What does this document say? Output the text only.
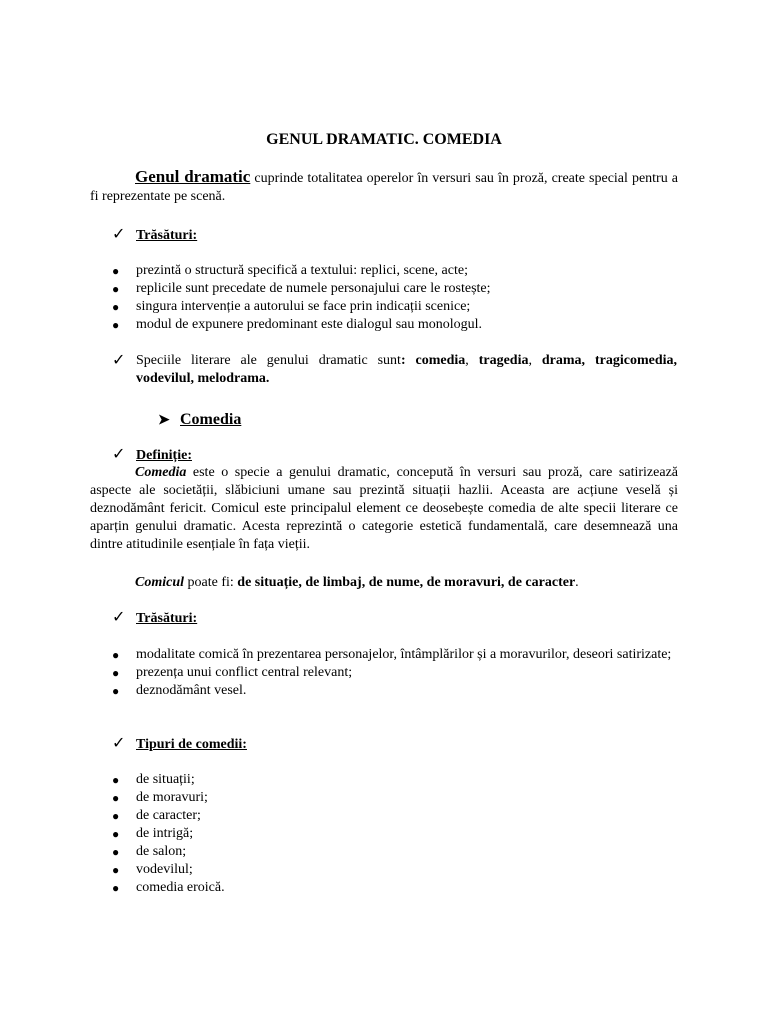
GENUL DRAMATIC. COMEDIA

Genul dramatic cuprinde totalitatea operelor în versuri sau în proză, create special pentru a fi reprezentate pe scenă.

✓ Trăsături:

● prezintă o structură specifică a textului: replici, scene, acte;
● replicile sunt precedate de numele personajului care le rostește;
● singura intervenție a autorului se face prin indicații scenice;
● modul de expunere predominant este dialogul sau monologul.

✓ Speciile literare ale genului dramatic sunt: comedia, tragedia, drama, tragicomedia, vodevilul, melodrama.

➤ Comedia

✓ Definiție:

Comedia este o specie a genului dramatic, concepută în versuri sau proză, care satirizează aspecte ale societății, slăbiciuni umane sau prezintă situații hazlii. Aceasta are acțiune veselă și deznodământ fericit. Comicul este principalul element ce deosebește comedia de alte specii literare ce aparțin genului dramatic. Acesta reprezintă o categorie estetică fundamentală, care desemnează una dintre atitudinile esențiale în fața vieții.

Comicul poate fi: de situație, de limbaj, de nume, de moravuri, de caracter.

✓ Trăsături:

● modalitate comică în prezentarea personajelor, întâmplărilor și a moravurilor, deseori satirizate;
● prezența unui conflict central relevant;
● deznodământ vesel.

✓ Tipuri de comedii:

● de situații;
● de moravuri;
● de caracter;
● de intrigă;
● de salon;
● vodevilul;
● comedia eroică.
